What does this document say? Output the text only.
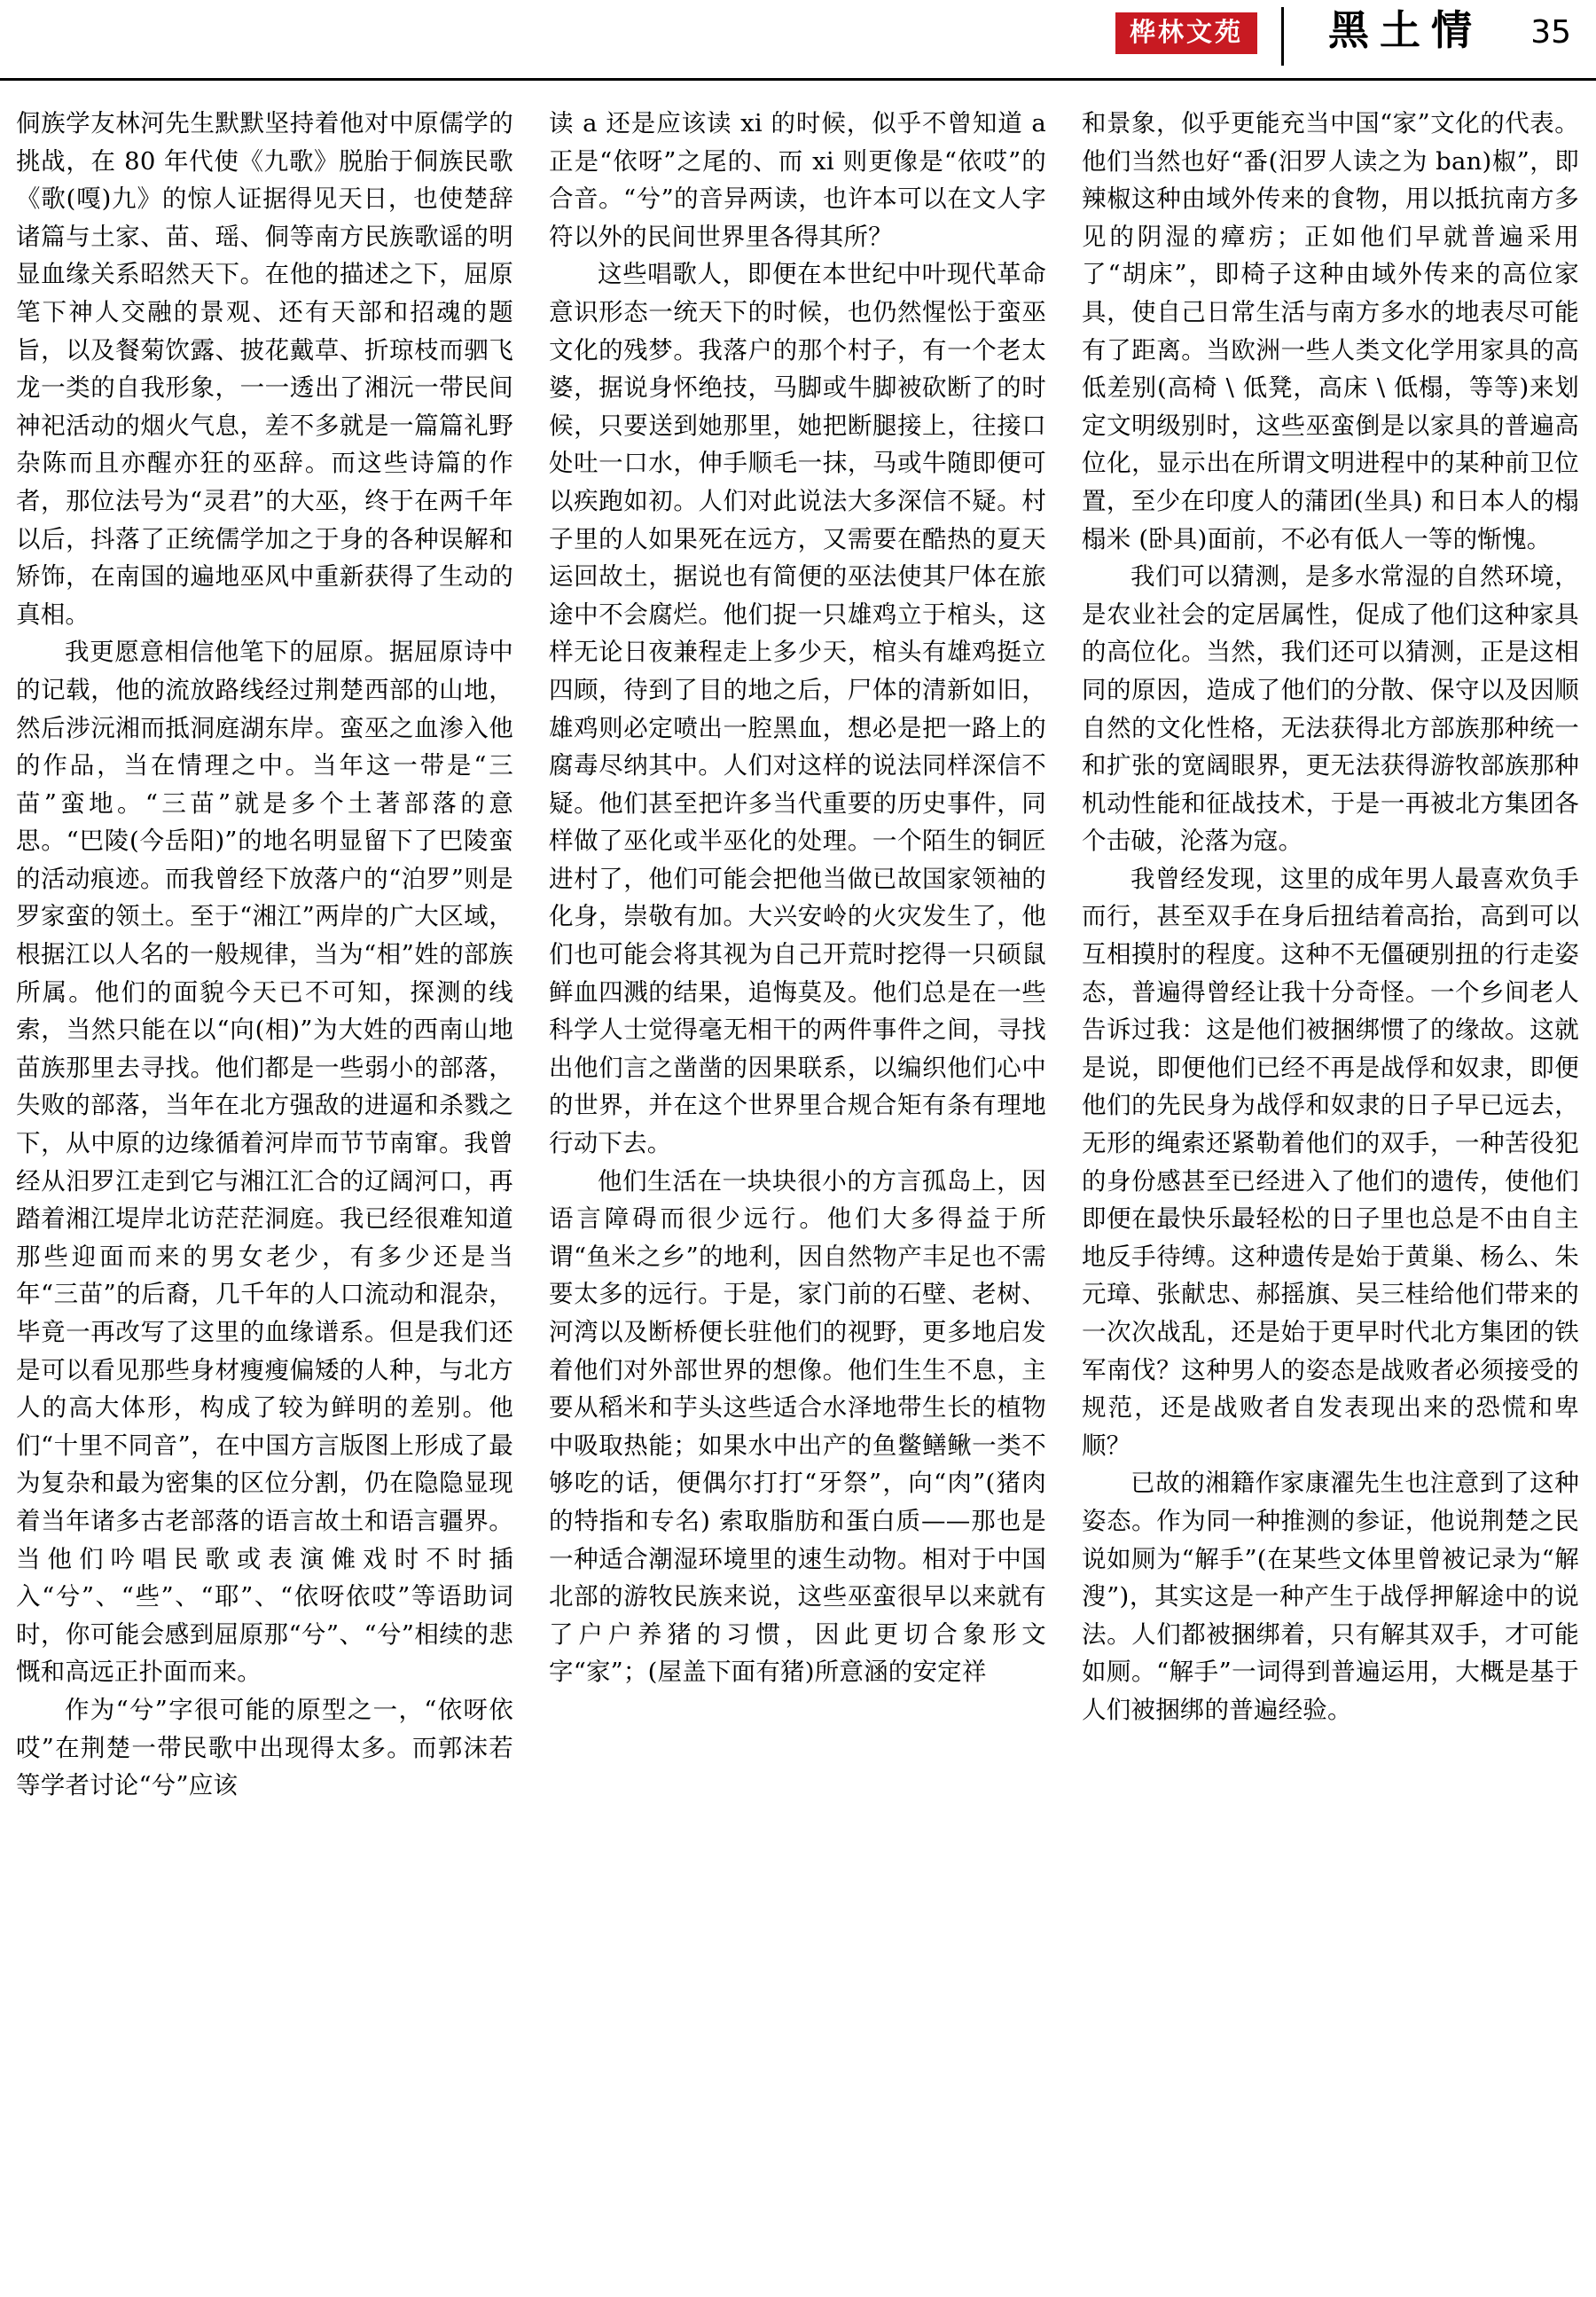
桦林文苑	黑土情 35

侗族学友林河先生默默坚持着他对中原儒学的挑战，在 80 年代使《九歌》脱胎于侗族民歌《歌(嘎)九》的惊人证据得见天日，也使楚辞诸篇与土家、苗、瑶、侗等南方民族歌谣的明显血缘关系昭然天下。在他的描述之下，屈原笔下神人交融的景观、还有天部和招魂的题旨，以及餐菊饮露、披花戴草、折琼枝而驷飞龙一类的自我形象，一一透出了湘沅一带民间神祀活动的烟火气息，差不多就是一篇篇礼野杂陈而且亦醒亦狂的巫辞。而这些诗篇的作者，那位法号为“灵君”的大巫，终于在两千年以后，抖落了正统儒学加之于身的各种误解和矫饰，在南国的遍地巫风中重新获得了生动的真相。

我更愿意相信他笔下的屈原。据屈原诗中的记载，他的流放路线经过荆楚西部的山地，然后涉沅湘而抵洞庭湖东岸。蛮巫之血渗入他的作品，当在情理之中。当年这一带是“三苗”蛮地。“三苗”就是多个土著部落的意思。“巴陵(今岳阳)”的地名明显留下了巴陵蛮的活动痕迹。而我曾经下放落户的“泊罗”则是罗家蛮的领土。至于“湘江”两岸的广大区域，根据江以人名的一般规律，当为“相”姓的部族所属。他们的面貌今天已不可知，探测的线索，当然只能在以“向(相)”为大姓的西南山地苗族那里去寻找。他们都是一些弱小的部落，失败的部落，当年在北方强敌的进逼和杀戮之下，从中原的边缘循着河岸而节节南窜。我曾经从汨罗江走到它与湘江汇合的辽阔河口，再踏着湘江堤岸北访茫茫洞庭。我已经很难知道那些迎面而来的男女老少，有多少还是当年“三苗”的后裔，几千年的人口流动和混杂，毕竟一再改写了这里的血缘谱系。但是我们还是可以看见那些身材瘦瘦偏矮的人种，与北方人的高大体形，构成了较为鲜明的差别。他们“十里不同音”，在中国方言版图上形成了最为复杂和最为密集的区位分割，仍在隐隐显现着当年诸多古老部落的语言故土和语言疆界。当他们吟唱民歌或表演傩戏时不时插入“兮”、“些”、“耶”、“依呀依哎”等语助词时，你可能会感到屈原那“兮”、“兮”相续的悲慨和高远正扑面而来。

作为“兮”字很可能的原型之一，“依呀依哎”在荆楚一带民歌中出现得太多。而郭沫若等学者讨论“兮”应该

读 a 还是应该读 xi 的时候，似乎不曾知道 a 正是“依呀”之尾的、而 xi 则更像是“依哎”的合音。“兮”的音异两读，也许本可以在文人字符以外的民间世界里各得其所？

这些唱歌人，即便在本世纪中叶现代革命意识形态一统天下的时候，也仍然惺忪于蛮巫文化的残梦。我落户的那个村子，有一个老太婆，据说身怀绝技，马脚或牛脚被砍断了的时候，只要送到她那里，她把断腿接上，往接口处吐一口水，伸手顺毛一抹，马或牛随即便可以疾跑如初。人们对此说法大多深信不疑。村子里的人如果死在远方，又需要在酷热的夏天运回故土，据说也有简便的巫法使其尸体在旅途中不会腐烂。他们捉一只雄鸡立于棺头，这样无论日夜兼程走上多少天，棺头有雄鸡挺立四顾，待到了目的地之后，尸体的清新如旧，雄鸡则必定喷出一腔黑血，想必是把一路上的腐毒尽纳其中。人们对这样的说法同样深信不疑。他们甚至把许多当代重要的历史事件，同样做了巫化或半巫化的处理。一个陌生的铜匠进村了，他们可能会把他当做已故国家领袖的化身，崇敬有加。大兴安岭的火灾发生了，他们也可能会将其视为自己开荒时挖得一只硕鼠鲜血四溅的结果，追悔莫及。他们总是在一些科学人士觉得毫无相干的两件事件之间，寻找出他们言之凿凿的因果联系，以编织他们心中的世界，并在这个世界里合规合矩有条有理地行动下去。

他们生活在一块块很小的方言孤岛上，因语言障碍而很少远行。他们大多得益于所谓“鱼米之乡”的地利，因自然物产丰足也不需要太多的远行。于是，家门前的石壁、老树、河湾以及断桥便长驻他们的视野，更多地启发着他们对外部世界的想像。他们生生不息，主要从稻米和芋头这些适合水泽地带生长的植物中吸取热能；如果水中出产的鱼鳖鳝鳅一类不够吃的话，便偶尔打打“牙祭”，向“肉”(猪肉的特指和专名) 索取脂肪和蛋白质——那也是一种适合潮湿环境里的速生动物。相对于中国北部的游牧民族来说，这些巫蛮很早以来就有了户户养猪的习惯，因此更切合象形文字“家”；(屋盖下面有猪)所意涵的安定祥

和景象，似乎更能充当中国“家”文化的代表。他们当然也好“番(汨罗人读之为 ban)椒”，即辣椒这种由域外传来的食物，用以抵抗南方多见的阴湿的瘴疠；正如他们早就普遍采用了“胡床”，即椅子这种由域外传来的高位家具，使自己日常生活与南方多水的地表尽可能有了距离。当欧洲一些人类文化学用家具的高低差别(高椅 \ 低凳，高床 \ 低榻，等等)来划定文明级别时，这些巫蛮倒是以家具的普遍高位化，显示出在所谓文明进程中的某种前卫位置，至少在印度人的蒲团(坐具) 和日本人的榻榻米 (卧具)面前，不必有低人一等的惭愧。

我们可以猜测，是多水常湿的自然环境，是农业社会的定居属性，促成了他们这种家具的高位化。当然，我们还可以猜测，正是这相同的原因，造成了他们的分散、保守以及因顺自然的文化性格，无法获得北方部族那种统一和扩张的宽阔眼界，更无法获得游牧部族那种机动性能和征战技术，于是一再被北方集团各个击破，沦落为寇。

我曾经发现，这里的成年男人最喜欢负手而行，甚至双手在身后扭结着高抬，高到可以互相摸肘的程度。这种不无僵硬别扭的行走姿态，普遍得曾经让我十分奇怪。一个乡间老人告诉过我：这是他们被捆绑惯了的缘故。这就是说，即便他们已经不再是战俘和奴隶，即便他们的先民身为战俘和奴隶的日子早已远去，无形的绳索还紧勒着他们的双手，一种苦役犯的身份感甚至已经进入了他们的遗传，使他们即便在最快乐最轻松的日子里也总是不由自主地反手待缚。这种遗传是始于黄巢、杨么、朱元璋、张献忠、郝摇旗、吴三桂给他们带来的一次次战乱，还是始于更早时代北方集团的铁军南伐？这种男人的姿态是战败者必须接受的规范，还是战败者自发表现出来的恐慌和卑顺？

已故的湘籍作家康濯先生也注意到了这种姿态。作为同一种推测的参证，他说荆楚之民说如厕为“解手”(在某些文体里曾被记录为“解溲”)，其实这是一种产生于战俘押解途中的说法。人们都被捆绑着，只有解其双手，才可能如厕。“解手”一词得到普遍运用，大概是基于人们被捆绑的普遍经验。
